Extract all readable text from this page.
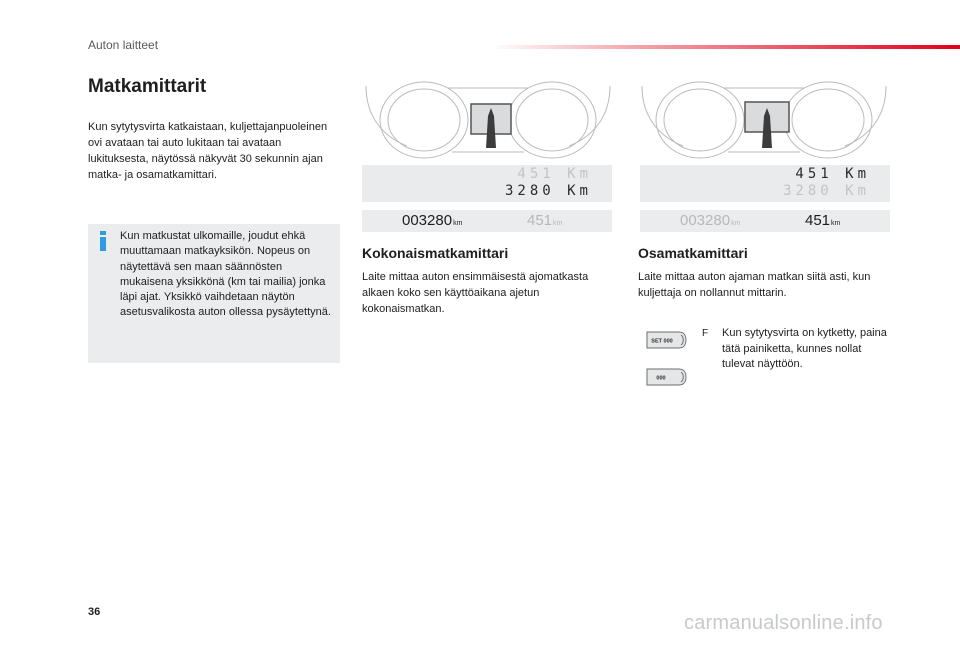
Auton laitteet
Matkamittarit

Kun sytytysvirta katkaistaan, kuljettajanpuoleinen ovi avataan tai auto lukitaan tai avataan lukituksesta, näytössä näkyvät 30 sekunnin ajan matka- ja osamatkamittari.

Kun matkustat ulkomaille, joudut ehkä muuttamaan matkayksikön. Nopeus on näytettävä sen maan säännösten mukaisena yksikkönä (km tai mailia) jonka läpi ajat. Yksikkö vaihdetaan näytön asetusvalikosta auton ollessa pysäytettynä.

451 Km
3280 Km
451 Km
3280 Km
003280km	451km	003280km	451km
Kokonaismatkamittari

Laite mittaa auton ensimmäisestä ajomatkasta alkaen koko sen käyttöaikana ajetun kokonaismatkan.

Osamatkamittari

Laite mittaa auton ajaman matkan siitä asti, kun kuljettaja on nollannut mittarin.

SET 000
000
F	Kun sytytysvirta on kytketty, paina tätä painiketta, kunnes nollat tulevat näyttöön.
36	carmanualsonline.info
